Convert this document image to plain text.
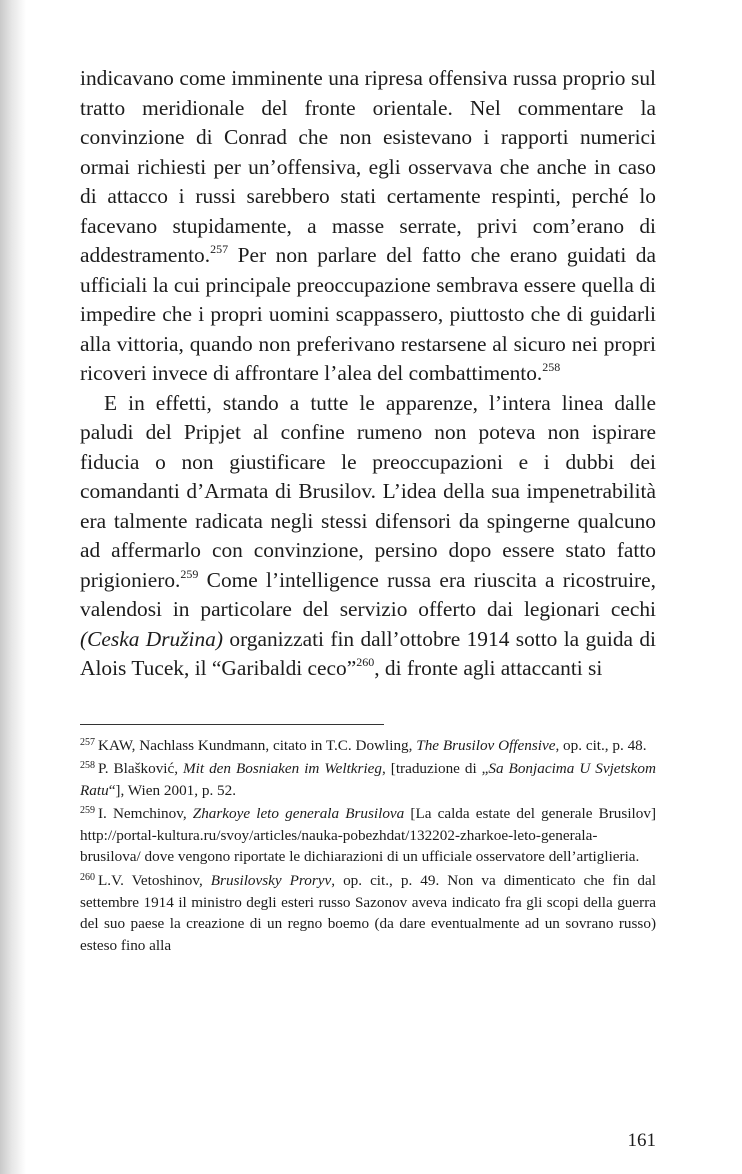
indicavano come imminente una ripresa offensiva russa proprio sul tratto meridionale del fronte orientale. Nel commentare la convinzione di Conrad che non esistevano i rapporti numerici ormai richiesti per un’offensiva, egli osservava che anche in caso di attacco i russi sarebbero stati certamente respinti, perché lo facevano stupidamente, a masse serrate, privi com’erano di addestramento.$^{257}$ Per non parlare del fatto che erano guidati da ufficiali la cui principale preoccupazione sembrava essere quella di impedire che i propri uomini scappassero, piuttosto che di guidarli alla vittoria, quando non preferivano restarsene al sicuro nei propri ricoveri invece di affrontare l’alea del combattimento.$^{258}$

E in effetti, stando a tutte le apparenze, l’intera linea dalle paludi del Pripjet al confine rumeno non poteva non ispirare fiducia o non giustificare le preoccupazioni e i dubbi dei comandanti d’Armata di Brusilov. L’idea della sua impenetrabilità era talmente radicata negli stessi difensori da spingerne qualcuno ad affermarlo con convinzione, persino dopo essere stato fatto prigioniero.$^{259}$ Come l’intelligence russa era riuscita a ricostruire, valendosi in particolare del servizio offerto dai legionari cechi (Ceska Družina) organizzati fin dall’ottobre 1914 sotto la guida di Alois Tucek, il “Garibaldi ceco”$^{260}$, di fronte agli attaccanti si

$^{257}$ KAW, Nachlass Kundmann, citato in T.C. Dowling, The Brusilov Offensive, op. cit., p. 48.

$^{258}$ P. Blašković, Mit den Bosniaken im Weltkrieg, [traduzione di „Sa Bonjacima U Svjetskom Ratu“], Wien 2001, p. 52.

$^{259}$ I. Nemchinov, Zharkoye leto generala Brusilova [La calda estate del generale Brusilov] http://portal-kultura.ru/svoy/articles/nauka-pobezhdat/132202-zharkoe-leto-generala-brusilova/ dove vengono riportate le dichiarazioni di un ufficiale osservatore dell’artiglieria.

$^{260}$ L.V. Vetoshinov, Brusilovsky Proryv, op. cit., p. 49. Non va dimenticato che fin dal settembre 1914 il ministro degli esteri russo Sazonov aveva indicato fra gli scopi della guerra del suo paese la creazione di un regno boemo (da dare eventualmente ad un sovrano russo) esteso fino alla

161
